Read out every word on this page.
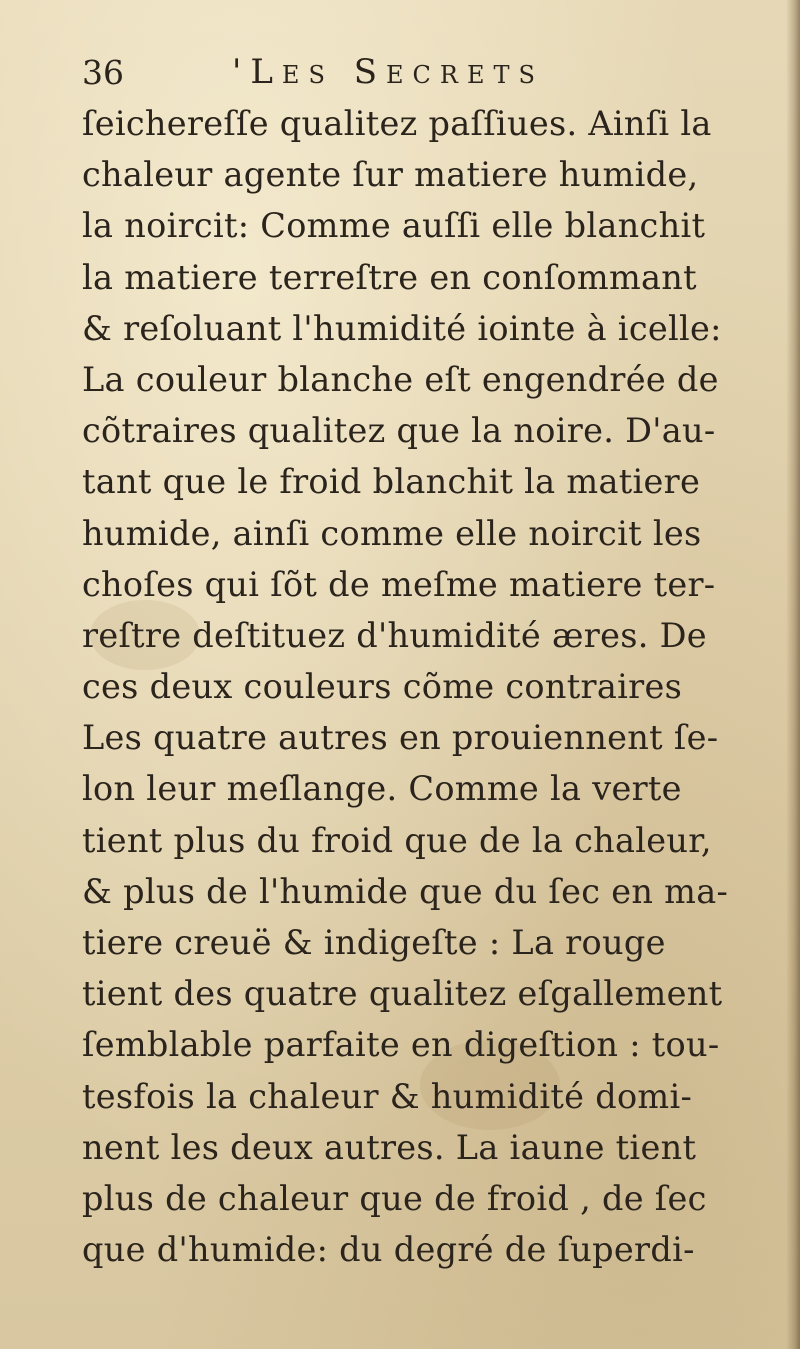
36	'Les Secrets
ſeichereſſe qualitez paſſiues. Ainſi la
chaleur agente ſur matiere humide,
la noircit: Comme auſſi elle blanchit
la matiere terreſtre en conſommant
& reſoluant l'humidité iointe à icelle:
La couleur blanche eſt engendrée de
cõtraires qualitez que la noire. D'au-
tant que le froid blanchit la matiere
humide, ainſi comme elle noircit les
choſes qui ſõt de meſme matiere ter-
reſtre deſtituez d'humidité æres. De
ces deux couleurs cõme contraires
Les quatre autres en prouiennent ſe-
lon leur meſlange. Comme la verte
tient plus du froid que de la chaleur,
& plus de l'humide que du ſec en ma-
tiere creuë & indigeſte : La rouge
tient des quatre qualitez eſgallement
ſemblable parfaite en digeſtion : tou-
tesfois la chaleur & humidité domi-
nent les deux autres. La iaune tient
plus de chaleur que de froid , de ſec
que d'humide: du degré de ſuperdi-
